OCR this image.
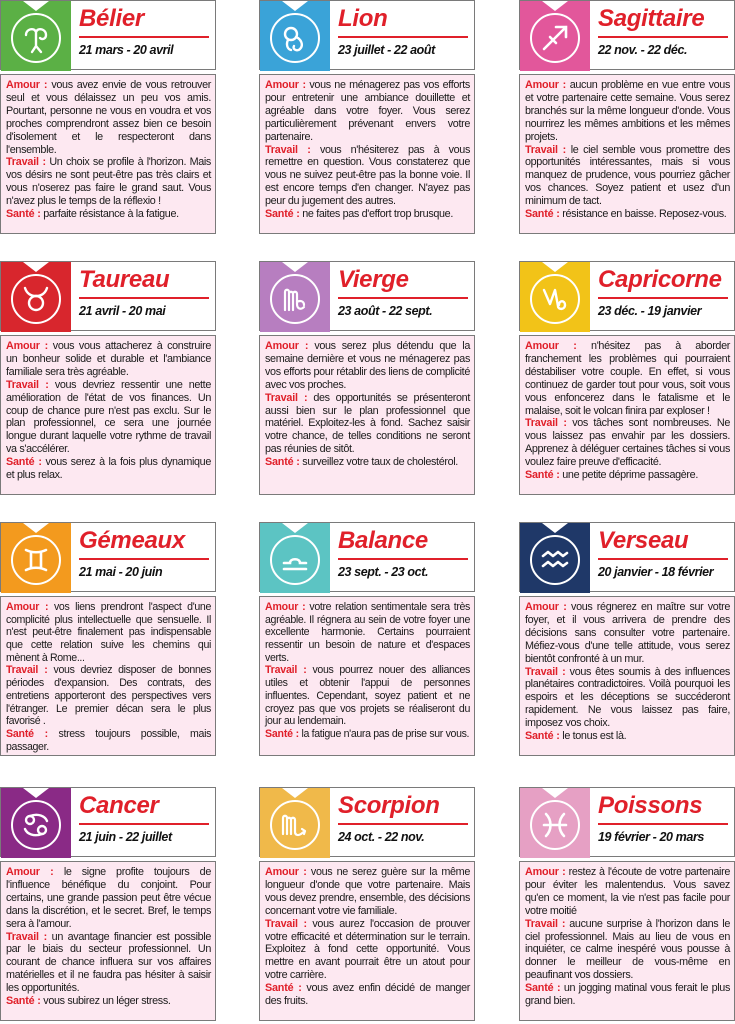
Bélier
21 mars - 20 avril

Amour : vous avez envie de vous retrouver seul et vous délaissez un peu vos amis. Pourtant, personne ne vous en voudra et vos proches comprendront assez bien ce besoin d'isolement et le respecteront dans l'ensemble.

Travail : Un choix se profile à l'horizon. Mais vos désirs ne sont peut-être pas très clairs et vous n'oserez pas faire le grand saut. Vous n'avez plus le temps de la réflexio !

Santé : parfaite résistance à la fatigue.

Lion
23 juillet - 22 août

Amour : vous ne ménagerez pas vos efforts pour entretenir une ambiance douillette et agréable dans votre foyer. Vous serez particulièrement prévenant envers votre partenaire.

Travail : vous n'hésiterez pas à vous remettre en question. Vous constaterez que vous ne suivez peut-être pas la bonne voie. Il est encore temps d'en changer. N'ayez pas peur du jugement des autres.

Santé : ne faites pas d'effort trop brusque.

Sagittaire
22 nov. - 22 déc.

Amour : aucun problème en vue entre vous et votre partenaire cette semaine. Vous serez branchés sur la même longueur d'onde. Vous nourrirez les mêmes ambitions et les mêmes projets.

Travail : le ciel semble vous promettre des opportunités intéressantes, mais si vous manquez de prudence, vous pourriez gâcher vos chances. Soyez patient et usez d'un minimum de tact.

Santé : résistance en baisse. Reposez-vous.

Taureau
21 avril - 20 mai

Amour : vous vous attacherez à construire un bonheur solide et durable et l'ambiance familiale sera très agréable.

Travail : vous devriez ressentir une nette amélioration de l'état de vos finances. Un coup de chance pure n'est pas exclu. Sur le plan professionnel, ce sera une journée longue durant laquelle votre rythme de travail va s'accélérer.

Santé : vous serez à la fois plus dynamique et plus relax.

Vierge
23 août - 22 sept.

Amour : vous serez plus détendu que la semaine dernière et vous ne ménagerez pas vos efforts pour rétablir des liens de complicité avec vos proches.

Travail : des opportunités se présenteront aussi bien sur le plan professionnel que matériel. Exploitez-les à fond. Sachez saisir votre chance, de telles conditions ne seront pas réunies de sitôt.

Santé : surveillez votre taux de cholestérol.

Capricorne
23 déc. - 19 janvier

Amour : n'hésitez pas à aborder franchement les problèmes qui pourraient déstabiliser votre couple. En effet, si vous continuez de garder tout pour vous, soit vous vous enfoncerez dans le fatalisme et le malaise, soit le volcan finira par exploser !

Travail : vos tâches sont nombreuses. Ne vous laissez pas envahir par les dossiers. Apprenez à déléguer certaines tâches si vous voulez faire preuve d'efficacité.

Santé : une petite déprime passagère.

Gémeaux
21 mai - 20 juin

Amour : vos liens prendront l'aspect d'une complicité plus intellectuelle que sensuelle. Il n'est peut-être finalement pas indispensable que cette relation suive les chemins qui mènent à Rome...

Travail : vous devriez disposer de bonnes périodes d'expansion. Des contrats, des entretiens apporteront des perspectives vers l'étranger. Le premier décan sera le plus favorisé .

Santé : stress toujours possible, mais passager.

Balance
23 sept. - 23 oct.

Amour : votre relation sentimentale sera très agréable. Il régnera au sein de votre foyer une excellente harmonie. Certains pourraient ressentir un besoin de nature et d'espaces verts.

Travail : vous pourrez nouer des alliances utiles et obtenir l'appui de personnes influentes. Cependant, soyez patient et ne croyez pas que vos projets se réaliseront du jour au lendemain.

Santé : la fatigue n'aura pas de prise sur vous.

Verseau
20 janvier - 18 février

Amour : vous régnerez en maître sur votre foyer, et il vous arrivera de prendre des décisions sans consulter votre partenaire. Méfiez-vous d'une telle attitude, vous serez bientôt confronté à un mur.

Travail : vous êtes soumis à des influences planétaires contradictoires. Voilà pourquoi les espoirs et les déceptions se succéderont rapidement. Ne vous laissez pas faire, imposez vos choix.

Santé : le tonus est là.

Cancer
21 juin - 22 juillet

Amour : le signe profite toujours de l'influence bénéfique du conjoint. Pour certains, une grande passion peut être vécue dans la discrétion, et le secret. Bref, le temps sera à l'amour.

Travail : un avantage financier est possible par le biais du secteur professionnel. Un courant de chance influera sur vos affaires matérielles et il ne faudra pas hésiter à saisir les opportunités.

Santé : vous subirez un léger stress.

Scorpion
24 oct. - 22 nov.

Amour : vous ne serez guère sur la même longueur d'onde que votre partenaire. Mais vous devez prendre, ensemble, des décisions concernant votre vie familiale.

Travail : vous aurez l'occasion de prouver votre efficacité et détermination sur le terrain. Exploitez à fond cette opportunité. Vous mettre en avant pourrait être un atout pour votre carrière.

Santé : vous avez enfin décidé de manger des fruits.

Poissons
19 février - 20 mars

Amour : restez à l'écoute de votre partenaire pour éviter les malentendus. Vous savez qu'en ce moment, la vie n'est pas facile pour votre moitié

Travail : aucune surprise à l'horizon dans le ciel professionnel. Mais au lieu de vous en inquiéter, ce calme inespéré vous pousse à donner le meilleur de vous-même en peaufinant vos dossiers.

Santé : un jogging matinal vous ferait le plus grand bien.
